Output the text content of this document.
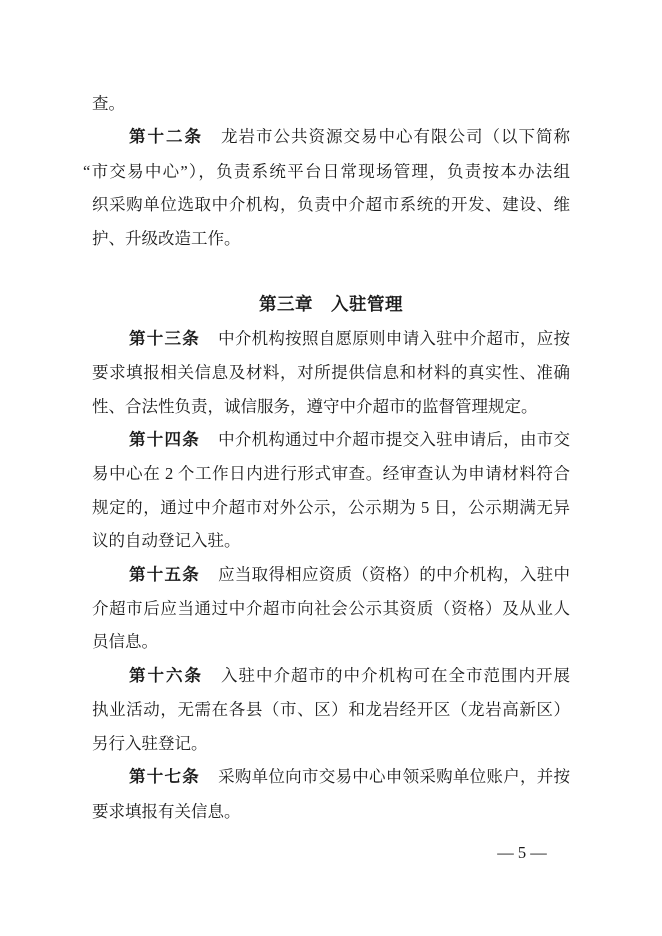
查。
第十二条 龙岩市公共资源交易中心有限公司（以下简称
“市交易中心”），负责系统平台日常现场管理，负责按本办法组
织采购单位选取中介机构，负责中介超市系统的开发、建设、维
护、升级改造工作。
第三章　入驻管理
第十三条 中介机构按照自愿原则申请入驻中介超市，应按
要求填报相关信息及材料，对所提供信息和材料的真实性、准确
性、合法性负责，诚信服务，遵守中介超市的监督管理规定。
第十四条 中介机构通过中介超市提交入驻申请后，由市交
易中心在 2 个工作日内进行形式审查。经审查认为申请材料符合
规定的，通过中介超市对外公示，公示期为 5 日，公示期满无异
议的自动登记入驻。
第十五条 应当取得相应资质（资格）的中介机构，入驻中
介超市后应当通过中介超市向社会公示其资质（资格）及从业人
员信息。
第十六条 入驻中介超市的中介机构可在全市范围内开展
执业活动，无需在各县（市、区）和龙岩经开区（龙岩高新区）
另行入驻登记。
第十七条 采购单位向市交易中心申领采购单位账户，并按
要求填报有关信息。
— 5 —
